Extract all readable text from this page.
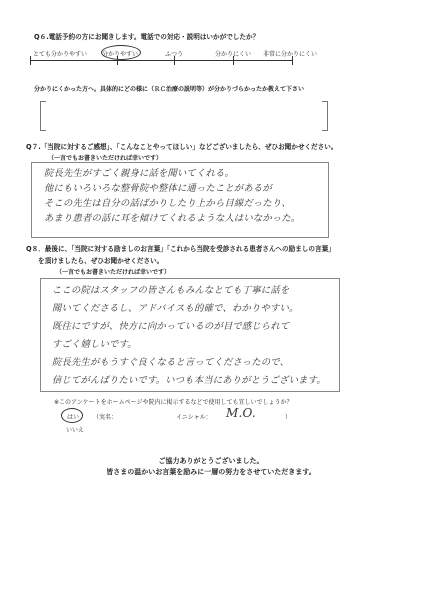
Q６.電話予約の方にお聞きします。電話での対応・説明はいかがでしたか？
とても分かりやすい 分かりやすい	ふつう	分かりにくい 非常に分かりにくい
分かりにくかった方へ。具体的にどの様に（ＲＣ治療の説明等）が分かりづらかったか教えて下さい
Q７.「当院に対するご感想」、「こんなことやってほしい」などございましたら、ぜひお聞かせください。
（一言でもお書きいただければ幸いです）
院長先生がすごく親身に話を聞いてくれる。
他にもいろいろな整骨院や整体に通ったことがあるが
そこの先生は自分の話ばかりしたり上から目線だったり、
あまり患者の話に耳を傾けてくれるような人はいなかった。
Q８．最後に、「当院に対する励ましのお言葉」「これから当院を受診される患者さんへの励ましの言葉」
を頂けましたら、ぜひお聞かせください。
（一言でもお書きいただければ幸いです）
ここの院はスタッフの皆さんもみんなとても丁寧に話を
聞いてくださるし、アドバイスも的確で、わかりやすい。
既往にですが、快方に向かっているのが目で感じられて
すごく嬉しいです。
院長先生がもうすぐ良くなると言ってくださったので、
信じてがんばりたいです。いつも本当にありがとうございます。
※このアンケートをホームページや院内に掲示するなどで使用しても宜しいでしょうか？
はい （実名：	イニシャル： M.O.	）
いいえ
ご協力ありがとうございました。
皆さまの温かいお言葉を励みに一層の努力をさせていただきます。
